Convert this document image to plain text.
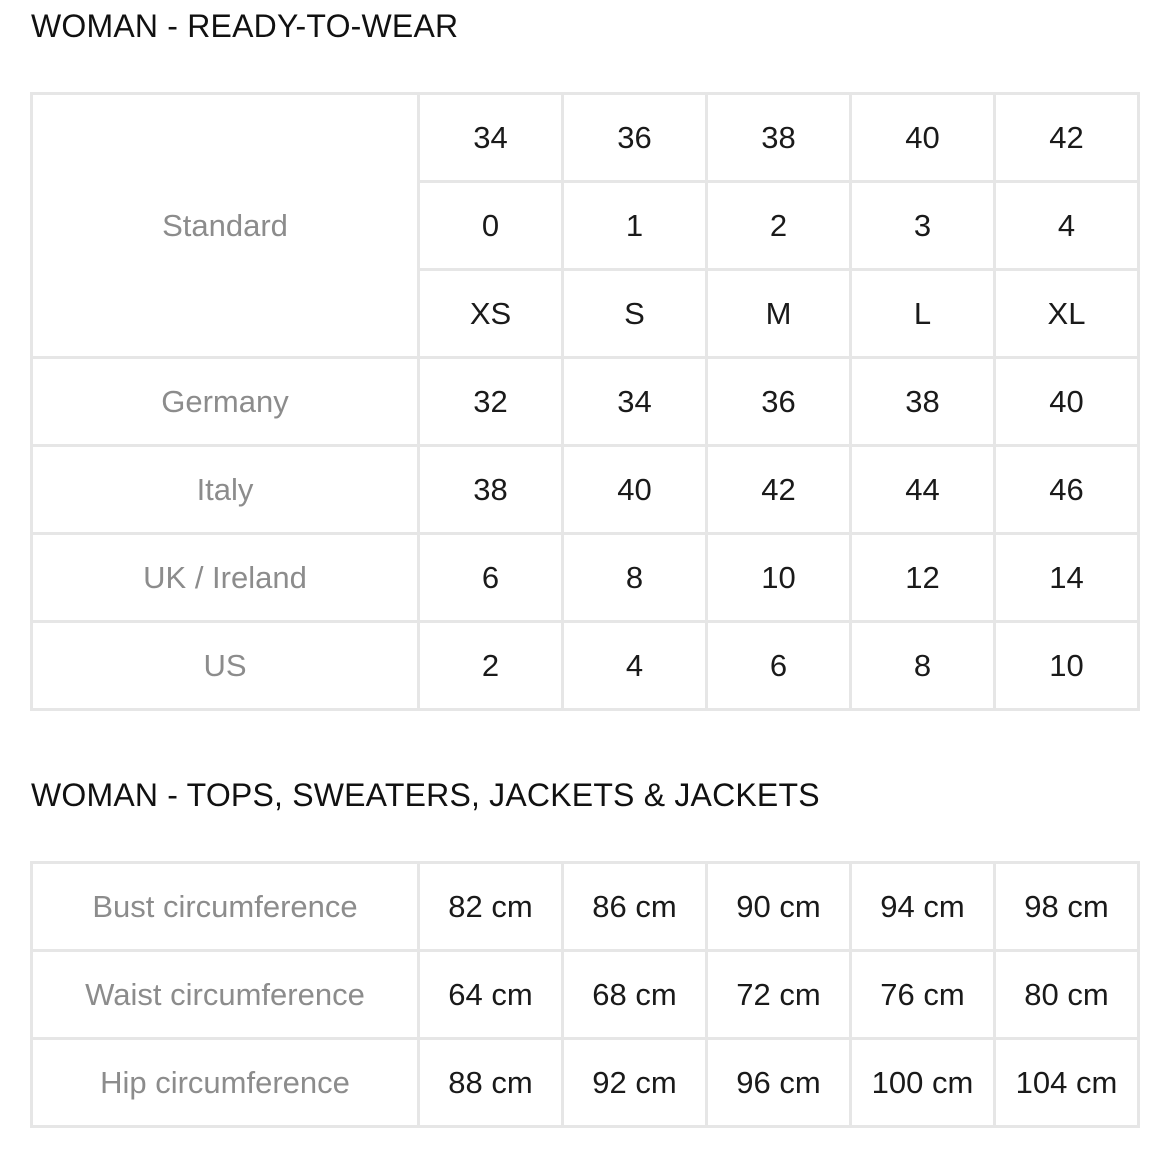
WOMAN - READY-TO-WEAR
Standard	34	36	38	40	42
	0	1	2	3	4
	XS	S	M	L	XL
Germany	32	34	36	38	40
Italy	38	40	42	44	46
UK / Ireland	6	8	10	12	14
US	2	4	6	8	10
WOMAN - TOPS, SWEATERS, JACKETS & JACKETS
Bust circumference	82 cm	86 cm	90 cm	94 cm	98 cm
Waist circumference	64 cm	68 cm	72 cm	76 cm	80 cm
Hip circumference	88 cm	92 cm	96 cm	100 cm	104 cm
